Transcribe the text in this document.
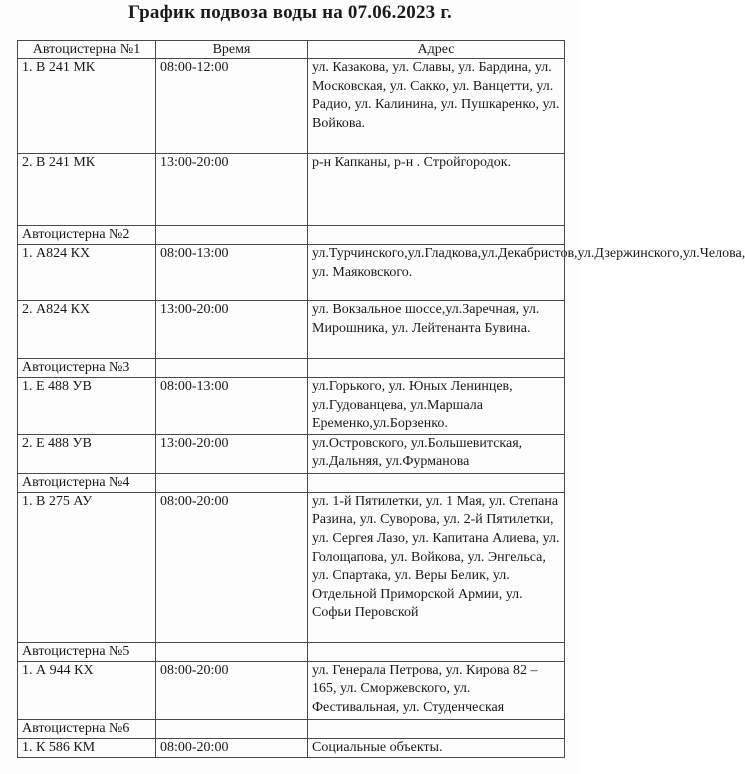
График подвоза воды на 07.06.2023 г.
Автоцистерна №1	Время	Адрес
1. В 241 МК	08:00-12:00	ул. Казакова, ул. Славы, ул. Бардина, ул. Московская, ул. Сакко, ул. Ванцетти, ул. Радио, ул. Калинина, ул. Пушкаренко, ул. Войкова.
2. В 241 МК	13:00-20:00	р-н Капканы, р-н . Стройгородок.
Автоцистерна №2		
1. А824 КХ	08:00-13:00	ул.Турчинского,ул.Гладкова,ул.Декабристов,ул.Дзержинского,ул.Челова, ул. Маяковского.
2. А824 КХ	13:00-20:00	ул. Вокзальное шоссе,ул.Заречная, ул. Мирошника, ул. Лейтенанта Бувина.
Автоцистерна №3		
1. Е 488 УВ	08:00-13:00	ул.Горького, ул. Юных Ленинцев, ул.Гудованцева, ул.Маршала Еременко,ул.Борзенко.
2. Е 488 УВ	13:00-20:00	ул.Островского, ул.Большевитская, ул.Дальняя, ул.Фурманова
Автоцистерна №4		
1. В 275 АУ	08:00-20:00	ул. 1-й Пятилетки, ул. 1 Мая, ул. Степана Разина, ул. Суворова, ул. 2-й Пятилетки, ул. Сергея Лазо, ул. Капитана Алиева, ул. Голощапова, ул. Войкова, ул. Энгельса, ул. Спартака, ул. Веры Белик, ул. Отдельной Приморской Армии, ул. Софьи Перовской
Автоцистерна №5		
1. А 944 КХ	08:00-20:00	ул. Генерала Петрова, ул. Кирова 82 – 165, ул. Сморжевского, ул. Фестивальная, ул. Студенческая
Автоцистерна №6		
1. К 586 КМ	08:00-20:00	Социальные объекты.
